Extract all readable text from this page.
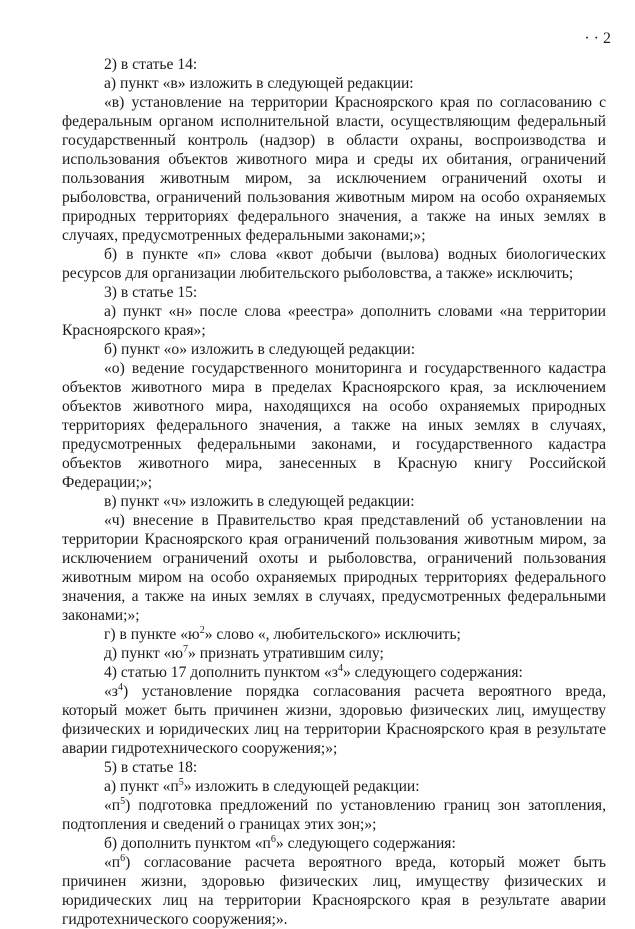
· · 2

2) в статье 14:

а) пункт «в» изложить в следующей редакции:

«в) установление на территории Красноярского края по согласованию с федеральным органом исполнительной власти, осуществляющим федеральный государственный контроль (надзор) в области охраны, воспроизводства и использования объектов животного мира и среды их обитания, ограничений пользования животным миром, за исключением ограничений охоты и рыболовства, ограничений пользования животным миром на особо охраняемых природных территориях федерального значения, а также на иных землях в случаях, предусмотренных федеральными законами;»;

б) в пункте «п» слова «квот добычи (вылова) водных биологических ресурсов для организации любительского рыболовства, а также» исключить;

3) в статье 15:

а) пункт «н» после слова «реестра» дополнить словами «на территории Красноярского края»;

б) пункт «о» изложить в следующей редакции:

«о) ведение государственного мониторинга и государственного кадастра объектов животного мира в пределах Красноярского края, за исключением объектов животного мира, находящихся на особо охраняемых природных территориях федерального значения, а также на иных землях в случаях, предусмотренных федеральными законами, и государственного кадастра объектов животного мира, занесенных в Красную книгу Российской Федерации;»;

в) пункт «ч» изложить в следующей редакции:

«ч) внесение в Правительство края представлений об установлении на территории Красноярского края ограничений пользования животным миром, за исключением ограничений охоты и рыболовства, ограничений пользования животным миром на особо охраняемых природных территориях федерального значения, а также на иных землях в случаях, предусмотренных федеральными законами;»;

г) в пункте «$ю^2$» слово «, любительского» исключить;

д) пункт «$ю^7$» признать утратившим силу;

4) статью 17 дополнить пунктом «$з^4$» следующего содержания:

«$з^4$) установление порядка согласования расчета вероятного вреда, который может быть причинен жизни, здоровью физических лиц, имуществу физических и юридических лиц на территории Красноярского края в результате аварии гидротехнического сооружения;»;

5) в статье 18:

а) пункт «$п^5$» изложить в следующей редакции:

«$п^5$) подготовка предложений по установлению границ зон затопления, подтопления и сведений о границах этих зон;»;

б) дополнить пунктом «$п^6$» следующего содержания:

«$п^6$) согласование расчета вероятного вреда, который может быть причинен жизни, здоровью физических лиц, имуществу физических и юридических лиц на территории Красноярского края в результате аварии гидротехнического сооружения;».
